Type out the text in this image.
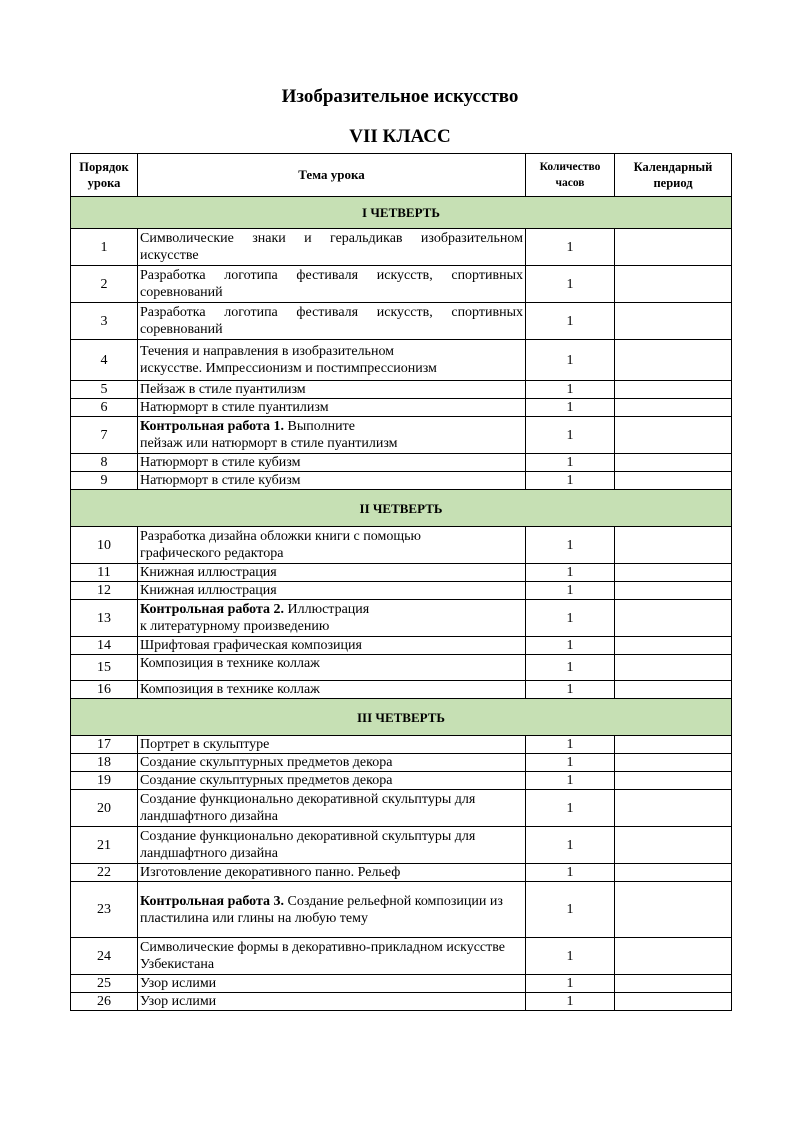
Изобразительное искусство
VII КЛАСС
Порядок урока	Тема урока	Количество часов	Календарный период
I ЧЕТВЕРТЬ			
1	Символические знаки и геральдикав изобразительном искусстве	1	
2	Разработка логотипа фестиваля искусств, спортивных соревнований	1	
3	Разработка логотипа фестиваля искусств, спортивных соревнований	1	
4	Течения и направления в изобразительном
искусстве. Импрессионизм и постимпрессионизм	1	
5	Пейзаж в стиле пуантилизм	1	
6	Натюрморт в стиле пуантилизм	1	
7	Контрольная работа 1. Выполните
пейзаж или натюрморт в стиле пуантилизм	1	
8	Натюрморт в стиле кубизм	1	
9	Натюрморт в стиле кубизм	1	
II ЧЕТВЕРТЬ			
10	Разработка дизайна обложки книги с помощью
графического редактора	1	
11	Книжная иллюстрация	1	
12	Книжная иллюстрация	1	
13	Контрольная работа 2. Иллюстрация
к литературному произведению	1	
14	Шрифтовая графическая композиция	1	
15	Композиция в технике коллаж	1	
16	Композиция в технике коллаж	1	
III ЧЕТВЕРТЬ			
17	Портрет в скульптуре	1	
18	Создание скульптурных предметов декора	1	
19	Создание скульптурных предметов декора	1	
20	Создание функционально декоративной скульптуры для
ландшафтного дизайна	1	
21	Создание функционально декоративной скульптуры для
ландшафтного дизайна	1	
22	Изготовление декоративного панно. Рельеф	1	
23	Контрольная работа 3. Создание рельефной композиции из
пластилина или глины на любую тему	1	
24	Символические формы в декоративно-прикладном искусстве
Узбекистана	1	
25	Узор ислими	1	
26	Узор ислими	1	
